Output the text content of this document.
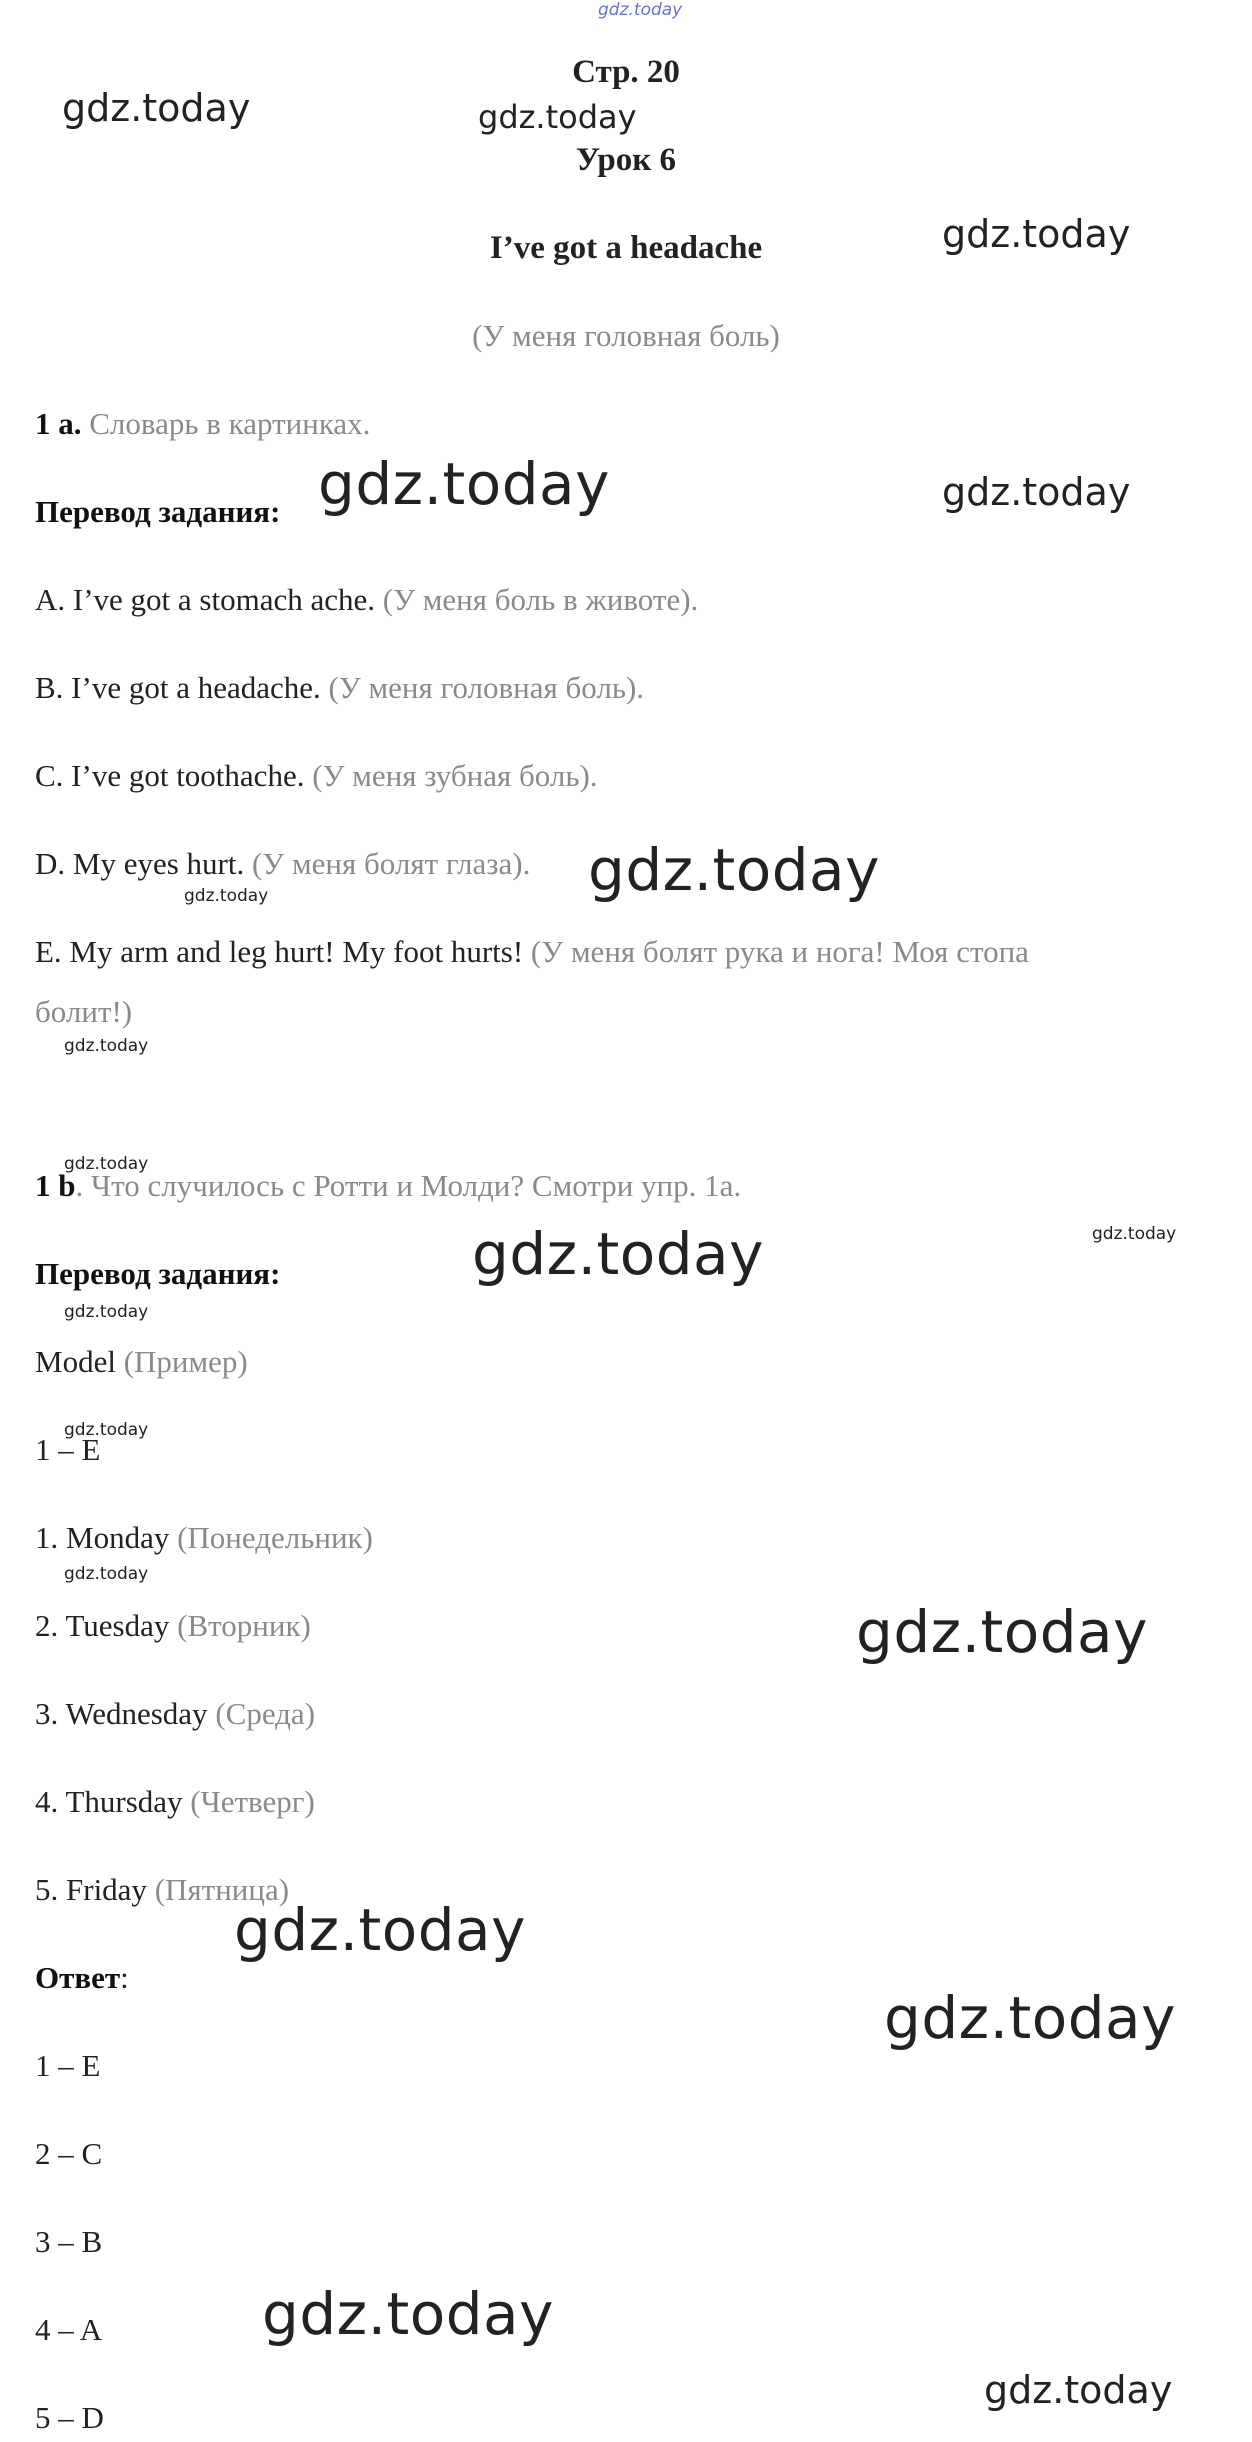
gdz.today
Стр. 20
Урок 6
I’ve got a headache
(У меня головная боль)
1 a. Словарь в картинках.
Перевод задания:
A. I’ve got a stomach ache. (У меня боль в животе).
B. I’ve got a headache. (У меня головная боль).
C. I’ve got toothache. (У меня зубная боль).
D. My eyes hurt. (У меня болят глаза).
E. My arm and leg hurt! My foot hurts! (У меня болят рука и нога! Моя стопа
болит!)
1 b. Что случилось с Ротти и Молди? Смотри упр. 1а.
Перевод задания:
Model (Пример)
1 – E
1. Monday (Понедельник)
2. Tuesday (Вторник)
3. Wednesday (Среда)
4. Thursday (Четверг)
5. Friday (Пятница)
Ответ:
1 – E
2 – C
3 – B
4 – A
5 – D
gdz.today	gdz.today
gdz.today
gdz.today	gdz.today
gdz.today
gdz.today
gdz.today
gdz.today
gdz.today
gdz.today
gdz.today
gdz.today
gdz.today
gdz.today
gdz.today
gdz.today
gdz.today
gdz.today
